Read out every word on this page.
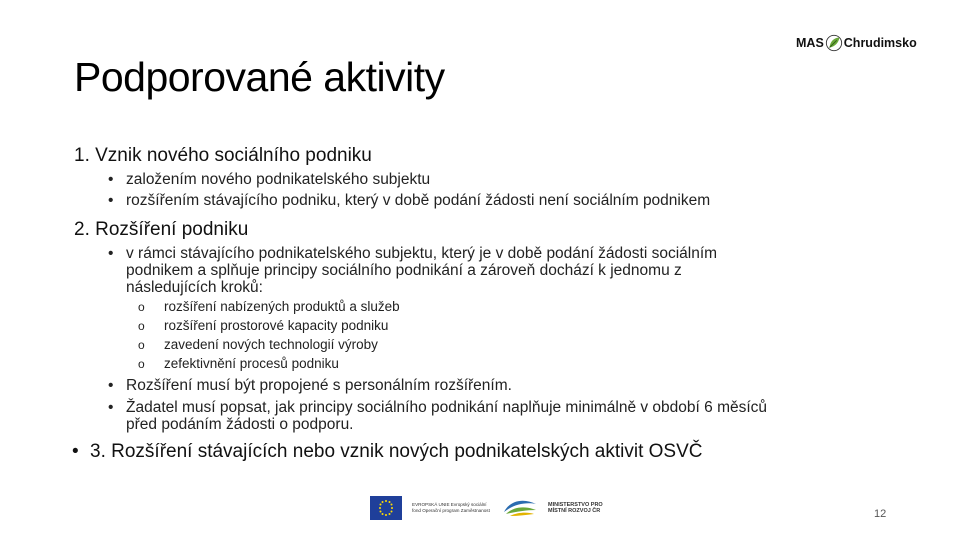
MAS Chrudimsko
Podporované aktivity
1. Vznik nového sociálního podniku
• založením nového podnikatelského subjektu
• rozšířením stávajícího podniku, který v době podání žádosti není sociálním podnikem
2. Rozšíření podniku
• v rámci stávajícího podnikatelského subjektu, který je v době podání žádosti sociálním
podnikem a splňuje principy sociálního podnikání a zároveň dochází k jednomu z
následujících kroků:
o rozšíření nabízených produktů a služeb
o rozšíření prostorové kapacity podniku
o zavedení nových technologií výroby
o zefektivnění procesů podniku
• Rozšíření musí být propojené s personálním rozšířením.
• Žadatel musí popsat, jak principy sociálního podnikání naplňuje minimálně v období 6 měsíců
před podáním žádosti o podporu.
• 3. Rozšíření stávajících nebo vznik nových podnikatelských aktivit OSVČ
EVROPSKÁ UNIE Evropský sociální fond Operační program Zaměstnanost
MINISTERSTVO PRO MÍSTNÍ ROZVOJ ČR	12
